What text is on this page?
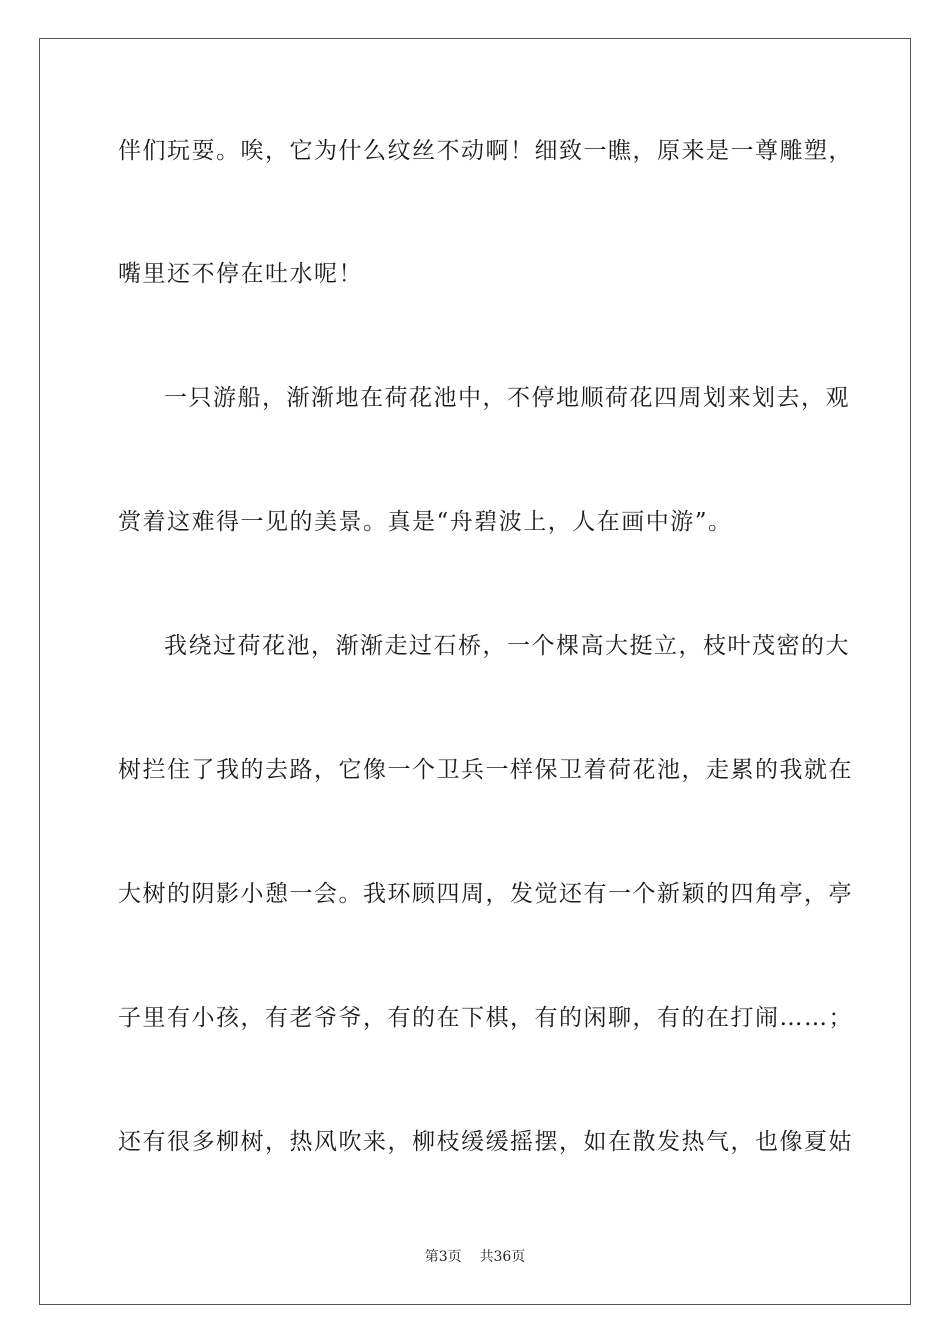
伴们玩耍。唉，它为什么纹丝不动啊！细致一瞧，原来是一尊雕塑，
嘴里还不停在吐水呢！
一只游船，渐渐地在荷花池中，不停地顺荷花四周划来划去，观
赏着这难得一见的美景。真是“舟碧波上，人在画中游”。
我绕过荷花池，渐渐走过石桥，一个棵高大挺立，枝叶茂密的大
树拦住了我的去路，它像一个卫兵一样保卫着荷花池，走累的我就在
大树的阴影小憩一会。我环顾四周，发觉还有一个新颖的四角亭，亭
子里有小孩，有老爷爷，有的在下棋，有的闲聊，有的在打闹……；
还有很多柳树，热风吹来，柳枝缓缓摇摆，如在散发热气，也像夏姑
第3页 共36页
